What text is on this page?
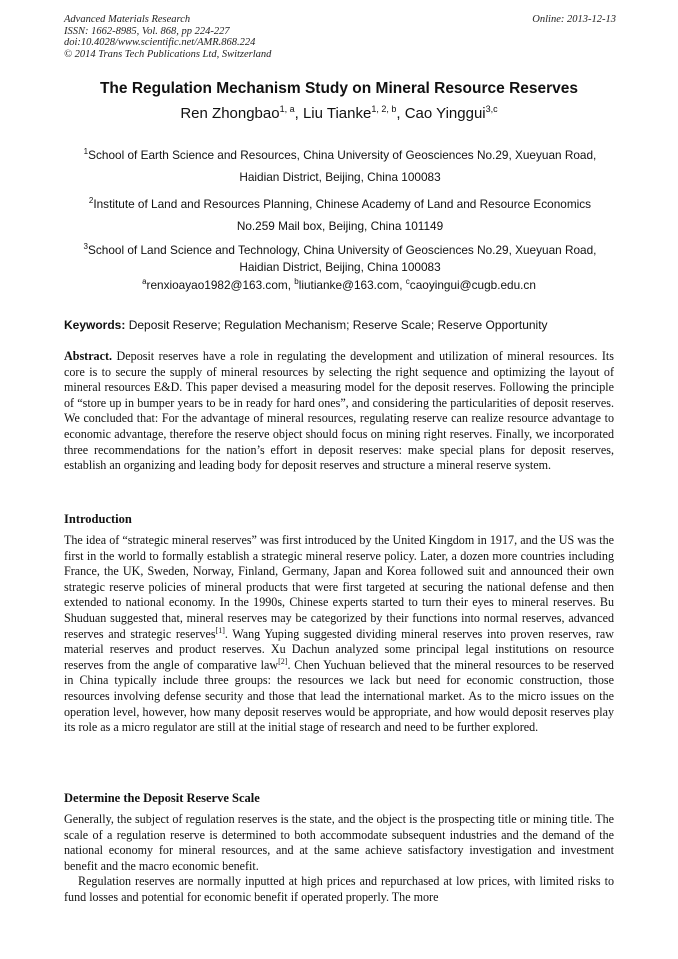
Advanced Materials Research
ISSN: 1662-8985, Vol. 868, pp 224-227
doi:10.4028/www.scientific.net/AMR.868.224
© 2014 Trans Tech Publications Ltd, Switzerland
Online: 2013-12-13
The Regulation Mechanism Study on Mineral Resource Reserves
Ren Zhongbao$^{1, a}$, Liu Tianke$^{1, 2, b}$, Cao Yinggui$^{3,c}$
$^1$School of Earth Science and Resources, China University of Geosciences No.29, Xueyuan Road,
Haidian District, Beijing, China 100083
$^2$Institute of Land and Resources Planning, Chinese Academy of Land and Resource Economics
No.259 Mail box, Beijing, China 101149
$^3$School of Land Science and Technology, China University of Geosciences No.29, Xueyuan Road,
Haidian District, Beijing, China 100083
$^a$renxioayao1982@163.com, $^b$liutianke@163.com, $^c$caoyingui@cugb.edu.cn
Keywords: Deposit Reserve; Regulation Mechanism; Reserve Scale; Reserve Opportunity

Abstract. Deposit reserves have a role in regulating the development and utilization of mineral resources. Its core is to secure the supply of mineral resources by selecting the right sequence and optimizing the layout of mineral resources E&D. This paper devised a measuring model for the deposit reserves. Following the principle of “store up in bumper years to be in ready for hard ones”, and considering the particularities of deposit reserves. We concluded that: For the advantage of mineral resources, regulating reserve can realize resource advantage to economic advantage, therefore the reserve object should focus on mining right reserves. Finally, we incorporated three recommendations for the nation’s effort in deposit reserves: make special plans for deposit reserves, establish an organizing and leading body for deposit reserves and structure a mineral reserve system.

Introduction

The idea of “strategic mineral reserves” was first introduced by the United Kingdom in 1917, and the US was the first in the world to formally establish a strategic mineral reserve policy. Later, a dozen more countries including France, the UK, Sweden, Norway, Finland, Germany, Japan and Korea followed suit and announced their own strategic reserve policies of mineral products that were first targeted at securing the national defense and then extended to national economy. In the 1990s, Chinese experts started to turn their eyes to mineral reserves. Bu Shuduan suggested that, mineral reserves may be categorized by their functions into normal reserves, advanced reserves and strategic reserves[1]. Wang Yuping suggested dividing mineral reserves into proven reserves, raw material reserves and product reserves. Xu Dachun analyzed some principal legal institutions on resource reserves from the angle of comparative law[2]. Chen Yuchuan believed that the mineral resources to be reserved in China typically include three groups: the resources we lack but need for economic construction, those resources involving defense security and those that lead the international market. As to the micro issues on the operation level, however, how many deposit reserves would be appropriate, and how would deposit reserves play its role as a micro regulator are still at the initial stage of research and need to be further explored.

Determine the Deposit Reserve Scale

Generally, the subject of regulation reserves is the state, and the object is the prospecting title or mining title. The scale of a regulation reserve is determined to both accommodate subsequent industries and the demand of the national economy for mineral resources, and at the same achieve satisfactory investigation and investment benefit and the macro economic benefit.

Regulation reserves are normally inputted at high prices and repurchased at low prices, with limited risks to fund losses and potential for economic benefit if operated properly. The more
